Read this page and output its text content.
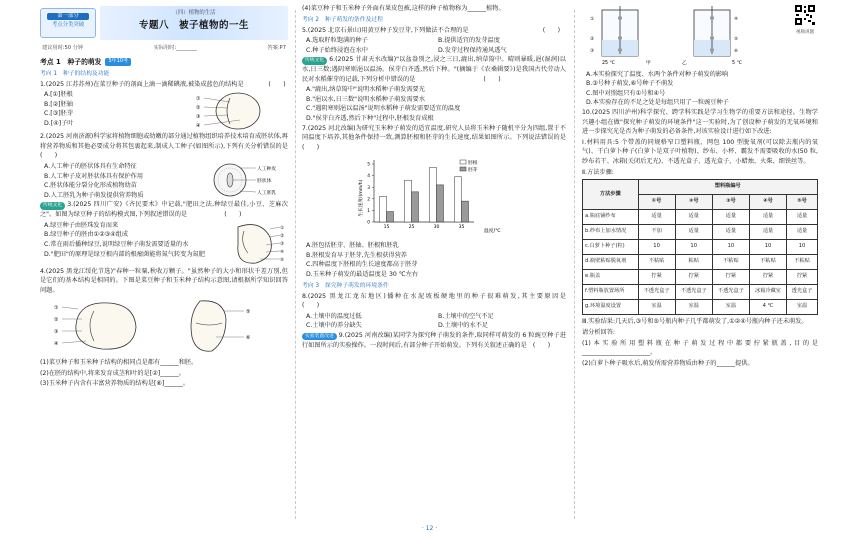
第一部分
考点分类突破
（四）植物的生活
专题八　被子植物的一生
建议用时:50 分钟	实际用时:________	答案:P7
考点 1　种子的萌发	5年10考
考向 1　种子的结构及功能
1.(2025 江苏苏州)在菜豆种子的剖面上滴一滴稀碘液,被染成蓝色的结构是　　　　(　　)
A.[①]胚根
B.[②]胚轴
C.[③]胚芽
D.[④]子叶
①
②
③
④
2.(2025 河南济源)科学家将植物细胞或幼嫩的部分通过植物组织培养技术培育成胚状体,再将营养物质和其他必要成分将其包裹起来,制成人工种子(如图所示),下列有关分析错误的是　　(　　)
A.人工种子的胚状体具有生命特征
B.人工种子皮对胚状体具有保护作用
C.胚状体能分裂分化形成植物幼苗
D.人工胚乳为种子萌发提供营养物质
人工种皮
胚状体
人工胚乳
传统文化 3.(2025 四川广安)《齐民要术》中记载,"肥田之法,种绿豆最佳,小豆、芝麻次之"。如图为绿豆种子的结构模式图,下列叙述错误的是　　　　　　(　　)
A.绿豆种子由胚珠发育而来
B.绿豆种子的胚由①②③④组成
C.常在雨后播种绿豆,说明绿豆种子萌发需要适量的水
D."肥田"的原理是绿豆根内部的根瘤菌能将氮气转变为氮肥
①
②
③
④
⑤
4.(2025 黑龙江绥化节选)"春种一粒粟,秋收万颗子。"虽然种子的大小和形状千差万别,但是它们的基本结构是相同的。下图是菜豆种子和玉米种子结构示意图,请根据所学知识回答问题。
①
②
③
④
⑤
⑥
(1)菜豆种子和玉米种子结构的相同点是都有______和胚。
(2)在胚的结构中,将来发育成茎和叶的是[②]______。
(3)玉米种子内含有丰富营养物质的结构是[⑥]______。
(4)菜豆种子和玉米种子外面有果皮包被,这样的种子植物称为______植物。
考向 2　种子萌发的条件及过程
5.(2025 北京石景山)用黄豆种子发豆芽,下列做法不合理的是　　　　　　　　　　　　(　　)
A.选取籽粒饱满的种子	B.提供适宜的发芽温度
C.种子始终浸泡在水中	D.发芽过程保持通风透气
传统文化 6.(2025 甘肃天水改编)"以盆盎别之,浸之三日,漉出,纳草篅中。晴则暴暖,浥(湿润)以水,日三数;遇阴寒则浥以温汤。侯芽白齐透,然后下种。"(摘编于《农桑辑要》)是我国古代劳动人民对水稻催芽的记载,下列分析中错误的是　　　　　　　　　　　(　　)
A."漉出,纳草篅中"说明水稻种子萌发需要光
B."浥以水,日三数"说明水稻种子萌发需要水
C."遇阴寒则浥以温汤"说明水稻种子萌发需要适宜的温度
D."侯芽白齐透,然后下种"过程中,胚根发育成根
7.(2025 河北改编)为研究玉米种子萌发的适宜温度,研究人员将玉米种子随机平分为四组,置于不同温度下培养,其他条件保持一致,测算胚根和胚芽的生长速度,结果如图所示。下列说法错误的是　　　　　　　　　　　　　　　(　　)
0
1
2
3
4
5
15	25	30	35
生长速度/(mm/h)
温度/℃
胚根
胚芽
A.胚包括胚芽、胚轴、胚根和胚乳
B.胚根发育早于胚芽,先生根获得营养
C.四种温度下胚根的生长速度都高于胚芽
D.玉米种子萌发的最适温度是 30 ℃左右
考向 3　探究种子萌发的环境条件
8.(2025 黑龙江龙东地区)播种在水泥坡板硬地里的种子很难萌发,其主要原因是　　　　　　　　(　　)
A.土壤中的温度过低	B.土壤中的空气不足
C.土壤中的养分缺失	D.土壤中的水不足
实验装置改进 9.(2025 河南改编)某同学为探究种子萌发的条件,取同样可萌发的 6 粒豌豆种子进行如图所示的实验操作。一段时间后,有部分种子开始萌发。下列有关叙述正确的是　(　　)
①
②
③
④
⑤
⑥
25 ℃	甲	乙	5 ℃
视频讲题
A.本实验探究了温度、水两个条件对种子萌发的影响
B.③号种子萌发,⑥号种子不萌发
C.图中对照组只有①号和④号
D.本实验存在的不足之处是每组只用了一粒豌豆种子
10.(2025 四川泸州)科学探究、跨学科实践是学习生物学的重要方法和途径。生物学兴趣小组在做"探究种子萌发的环境条件"这一实验时,为了创设种子萌发的无氧环境和进一步探究光是否为种子萌发的必备条件,对该实验设计进行如下改进:
Ⅰ.材料用具:5 个带盖的同规格窄口塑料瓶、网包 100 型脱氧剂(可以除去瓶内的氧气)、干白萝卜种子(白萝卜是双子叶植物)、纱布、小杯、霸发不需要吸收的水(50 粒,纱布若干、冰箱(关闭后无光)、不透光盒子、透光盒子、小蜡烛、火柴、细铁丝等。
Ⅱ.方法步骤:
方法步骤	塑料瓶编号				
	①号	②号	③号	④号	⑤号
a.瓶底铺纱布	适量	适量	适量	适量	适量
b.纱布上加水情况	不加	适量	适量	适量	适量
c.白萝卜种子(粒)	10	10	10	10	10
d.瓶壁粘贴脱氧剂	不粘贴	粘贴	不粘贴	不粘贴	不粘贴
e.瓶盖	拧紧	拧紧	拧紧	拧紧	拧紧
f.塑料瓶放置场所	不透光盒子	不透光盒子	不透光盒子	冰箱冷藏室	透光盒子
g.环境温度设置	室温	室温	室温	4 ℃	室温
Ⅲ.实验结果:几天后,③号和⑤号瓶内种子几乎都萌发了,①②④号瓶内种子还未萌发。
请分析回答:
(1)本实验所用塑料瓶在种子萌发过程中都要拧紧瓶盖,目的是______________________。
(2)白萝卜种子吸水后,萌发所需营养物质由种子的______提供。
· 12 ·
